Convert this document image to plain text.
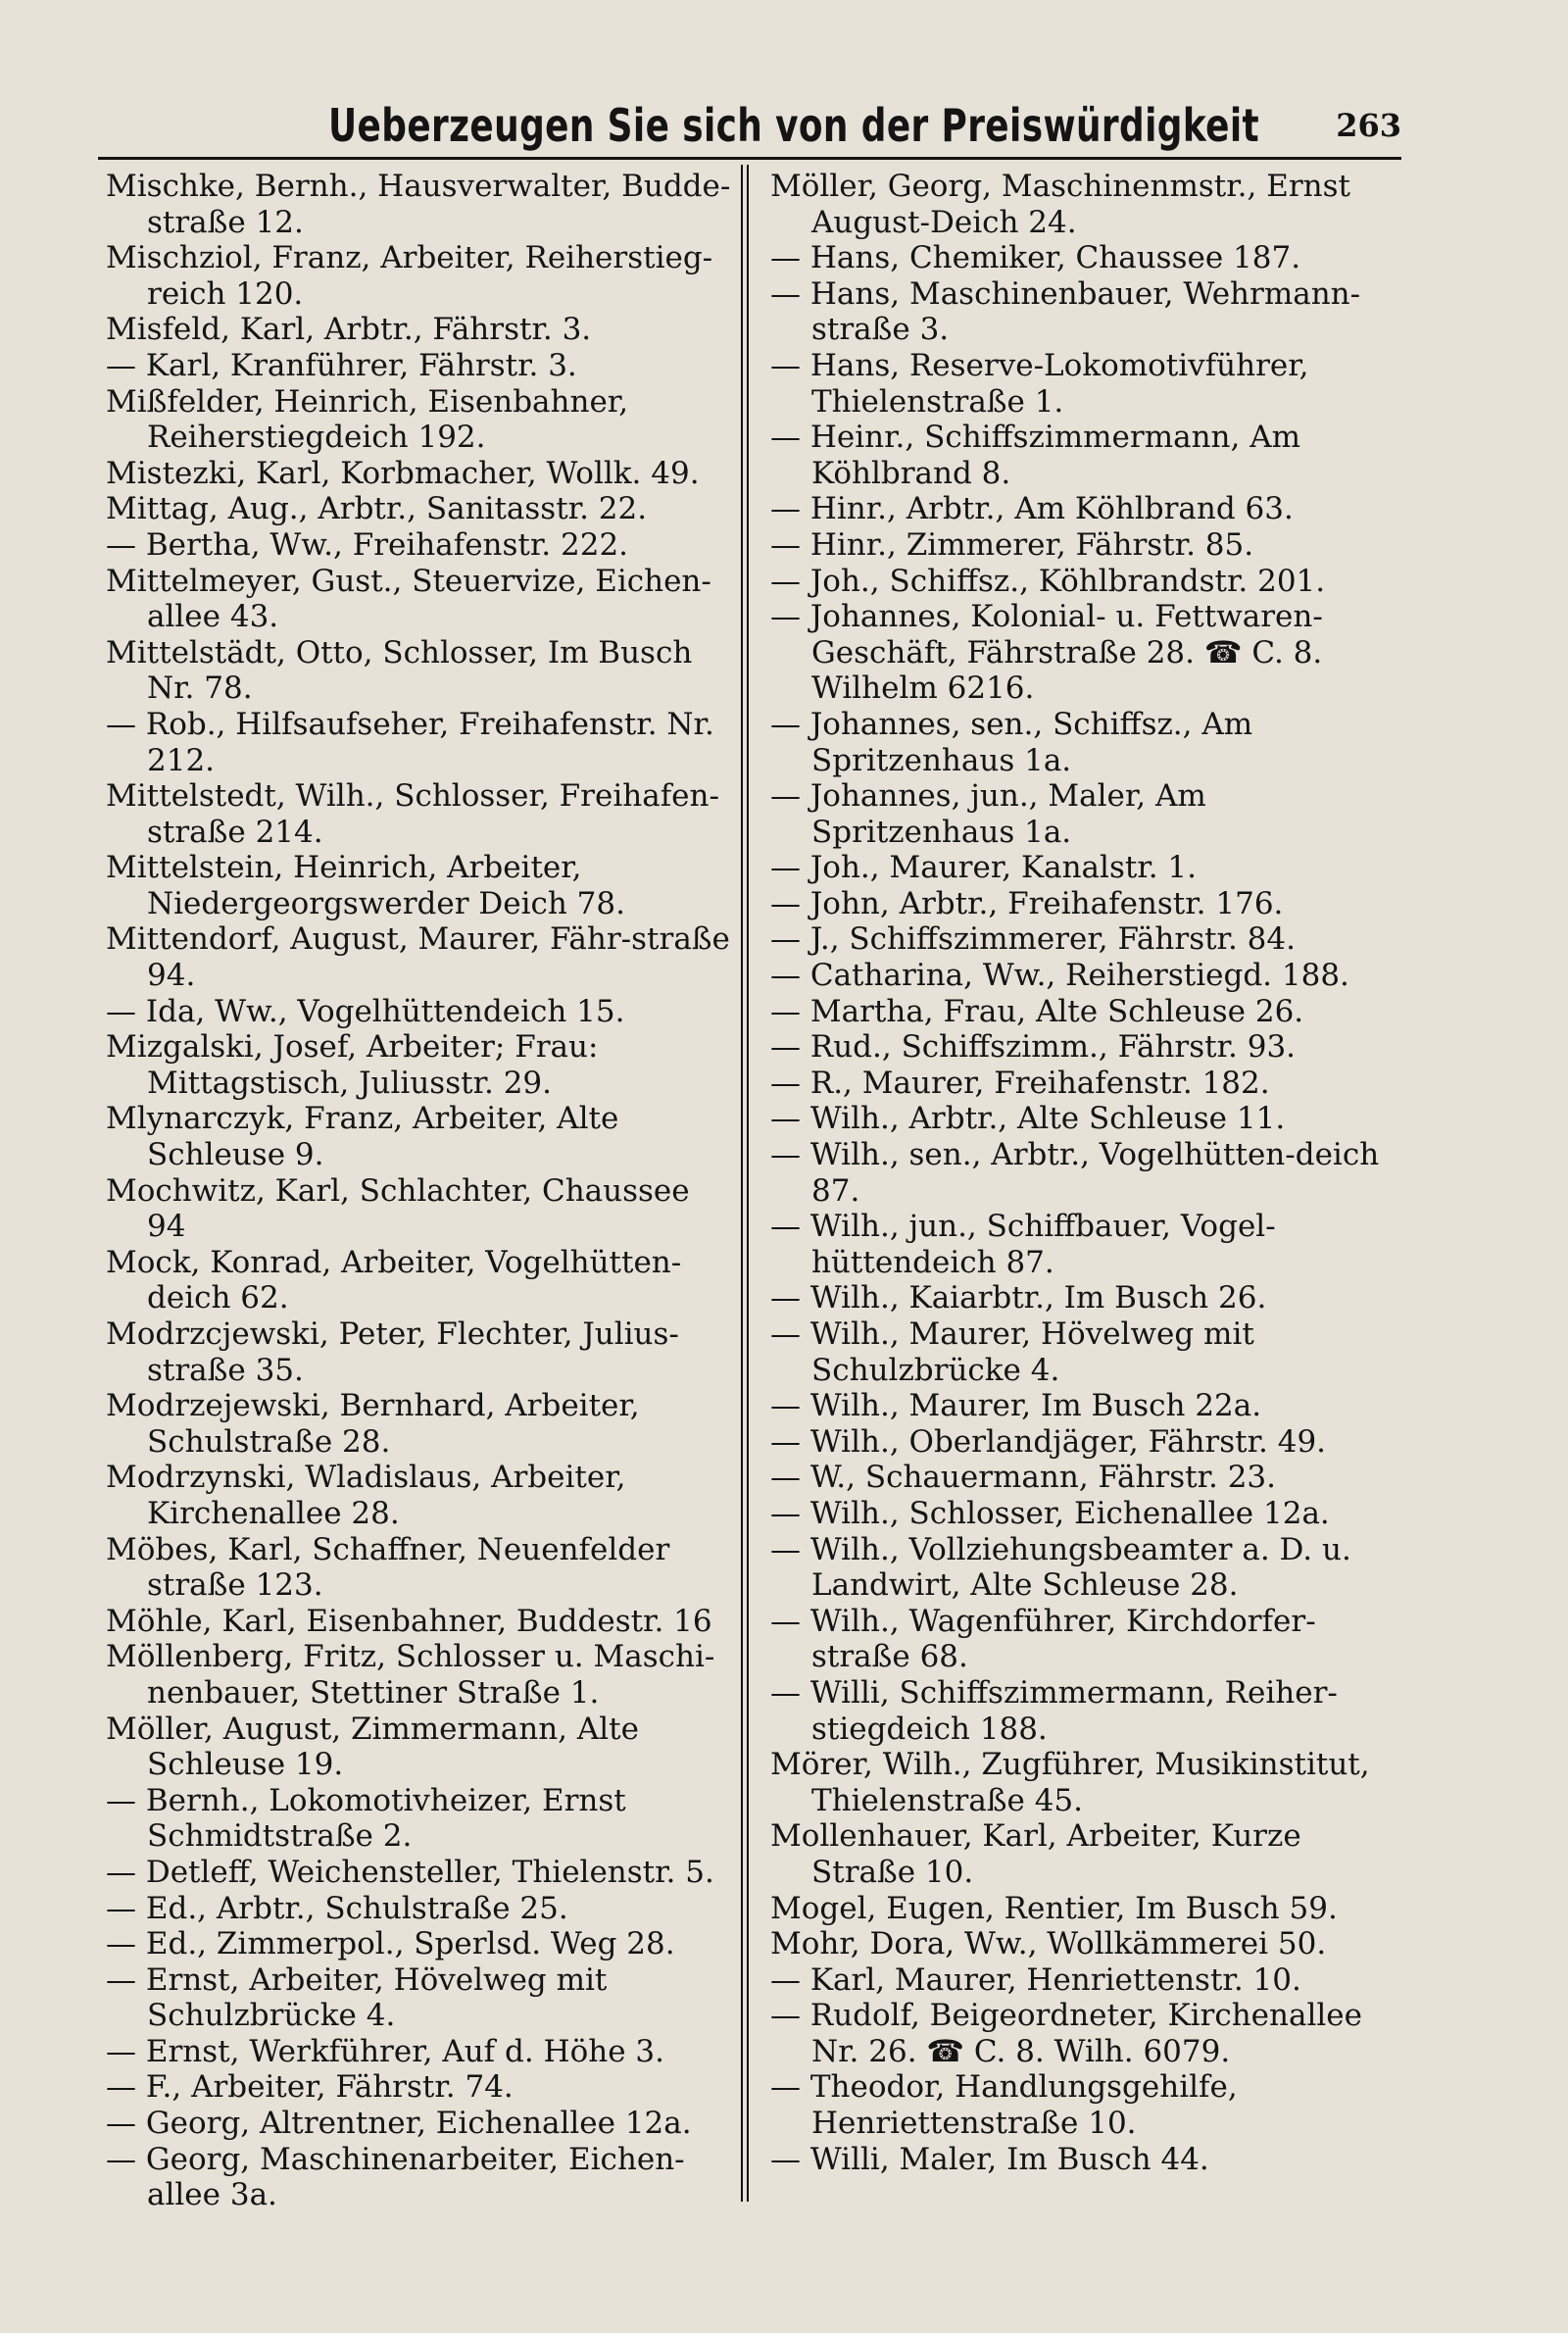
Ueberzeugen Sie sich von der Preiswürdigkeit 263
Mischke, Bernh., Hausverwalter, Budde-straße 12.
Mischziol, Franz, Arbeiter, Reiherstieg-reich 120.
Misfeld, Karl, Arbtr., Fährstr. 3.
— Karl, Kranführer, Fährstr. 3.
Mißfelder, Heinrich, Eisenbahner, Reiherstiegdeich 192.
Mistezki, Karl, Korbmacher, Wollk. 49.
Mittag, Aug., Arbtr., Sanitasstr. 22.
— Bertha, Ww., Freihafenstr. 222.
Mittelmeyer, Gust., Steuervize, Eichen-allee 43.
Mittelstädt, Otto, Schlosser, Im Busch Nr. 78.
— Rob., Hilfsaufseher, Freihafenstr. Nr. 212.
Mittelstedt, Wilh., Schlosser, Freihafen-straße 214.
Mittelstein, Heinrich, Arbeiter, Niedergeorgswerder Deich 78.
Mittendorf, August, Maurer, Fähr-straße 94.
— Ida, Ww., Vogelhüttendeich 15.
Mizgalski, Josef, Arbeiter; Frau: Mittagstisch, Juliusstr. 29.
Mlynarczyk, Franz, Arbeiter, Alte Schleuse 9.
Mochwitz, Karl, Schlachter, Chaussee 94
Mock, Konrad, Arbeiter, Vogelhütten-deich 62.
Modrzcjewski, Peter, Flechter, Julius-straße 35.
Modrzejewski, Bernhard, Arbeiter, Schulstraße 28.
Modrzynski, Wladislaus, Arbeiter, Kirchenallee 28.
Möbes, Karl, Schaffner, Neuenfelder straße 123.
Möhle, Karl, Eisenbahner, Buddestr. 16
Möllenberg, Fritz, Schlosser u. Maschi-nenbauer, Stettiner Straße 1.
Möller, August, Zimmermann, Alte Schleuse 19.
— Bernh., Lokomotivheizer, Ernst Schmidtstraße 2.
— Detleff, Weichensteller, Thielenstr. 5.
— Ed., Arbtr., Schulstraße 25.
— Ed., Zimmerpol., Sperlsd. Weg 28.
— Ernst, Arbeiter, Hövelweg mit Schulzbrücke 4.
— Ernst, Werkführer, Auf d. Höhe 3.
— F., Arbeiter, Fährstr. 74.
— Georg, Altrentner, Eichenallee 12a.
— Georg, Maschinenarbeiter, Eichen-allee 3a.
Möller, Georg, Maschinenmstr., Ernst August-Deich 24.
— Hans, Chemiker, Chaussee 187.
— Hans, Maschinenbauer, Wehrmann-straße 3.
— Hans, Reserve-Lokomotivführer, Thielenstraße 1.
— Heinr., Schiffszimmermann, Am Köhlbrand 8.
— Hinr., Arbtr., Am Köhlbrand 63.
— Hinr., Zimmerer, Fährstr. 85.
— Joh., Schiffsz., Köhlbrandstr. 201.
— Johannes, Kolonial- u. Fettwaren-Geschäft, Fährstraße 28. ☎ C. 8. Wilhelm 6216.
— Johannes, sen., Schiffsz., Am Spritzenhaus 1a.
— Johannes, jun., Maler, Am Spritzenhaus 1a.
— Joh., Maurer, Kanalstr. 1.
— John, Arbtr., Freihafenstr. 176.
— J., Schiffszimmerer, Fährstr. 84.
— Catharina, Ww., Reiherstiegd. 188.
— Martha, Frau, Alte Schleuse 26.
— Rud., Schiffszimm., Fährstr. 93.
— R., Maurer, Freihafenstr. 182.
— Wilh., Arbtr., Alte Schleuse 11.
— Wilh., sen., Arbtr., Vogelhütten-deich 87.
— Wilh., jun., Schiffbauer, Vogel-hüttendeich 87.
— Wilh., Kaiarbtr., Im Busch 26.
— Wilh., Maurer, Hövelweg mit Schulzbrücke 4.
— Wilh., Maurer, Im Busch 22a.
— Wilh., Oberlandjäger, Fährstr. 49.
— W., Schauermann, Fährstr. 23.
— Wilh., Schlosser, Eichenallee 12a.
— Wilh., Vollziehungsbeamter a. D. u. Landwirt, Alte Schleuse 28.
— Wilh., Wagenführer, Kirchdorfer-straße 68.
— Willi, Schiffszimmermann, Reiher-stiegdeich 188.
Mörer, Wilh., Zugführer, Musikinstitut, Thielenstraße 45.
Mollenhauer, Karl, Arbeiter, Kurze Straße 10.
Mogel, Eugen, Rentier, Im Busch 59.
Mohr, Dora, Ww., Wollkämmerei 50.
— Karl, Maurer, Henriettenstr. 10.
— Rudolf, Beigeordneter, Kirchenallee Nr. 26. ☎ C. 8. Wilh. 6079.
— Theodor, Handlungsgehilfe, Henriettenstraße 10.
— Willi, Maler, Im Busch 44.
